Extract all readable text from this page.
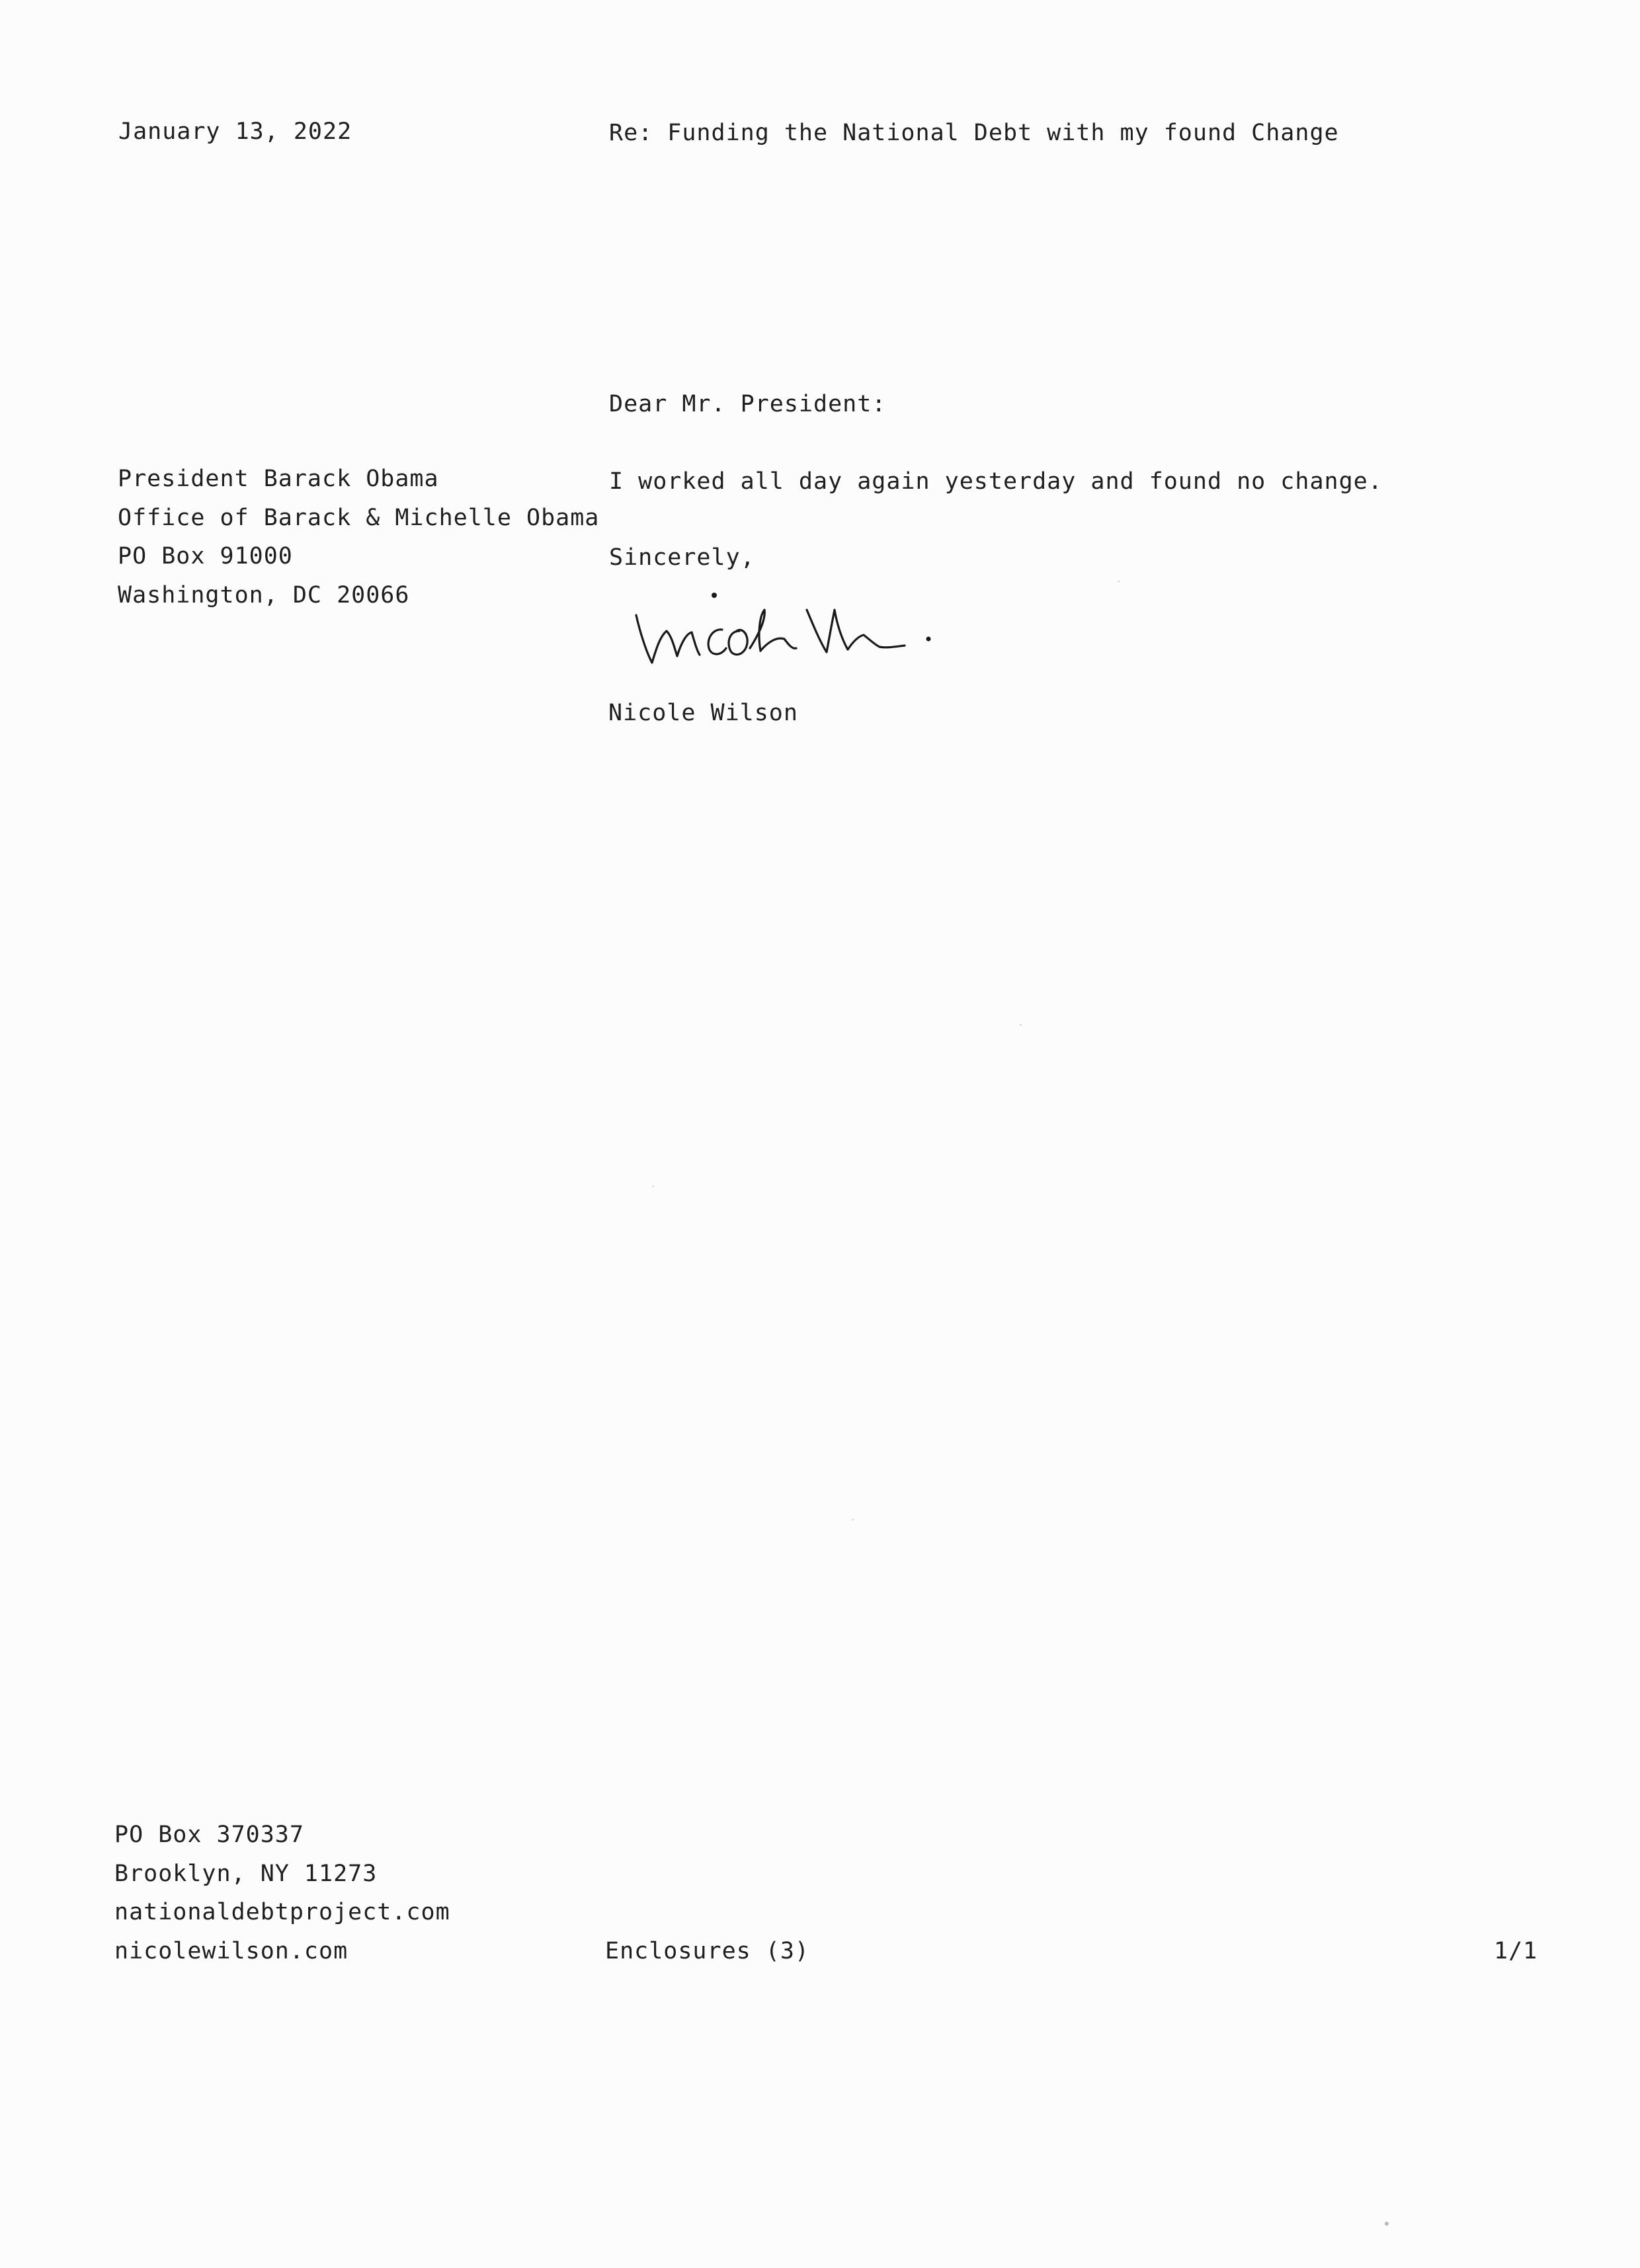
January 13, 2022	Re: Funding the National Debt with my found Change
Dear Mr. President:
President Barack Obama
Office of Barack & Michelle Obama
PO Box 91000
Washington, DC 20066
I worked all day again yesterday and found no change.
Sincerely,
Nicole Wilson
PO Box 370337
Brooklyn, NY 11273
nationaldebtproject.com
nicolewilson.com	Enclosures (3)	1/1
